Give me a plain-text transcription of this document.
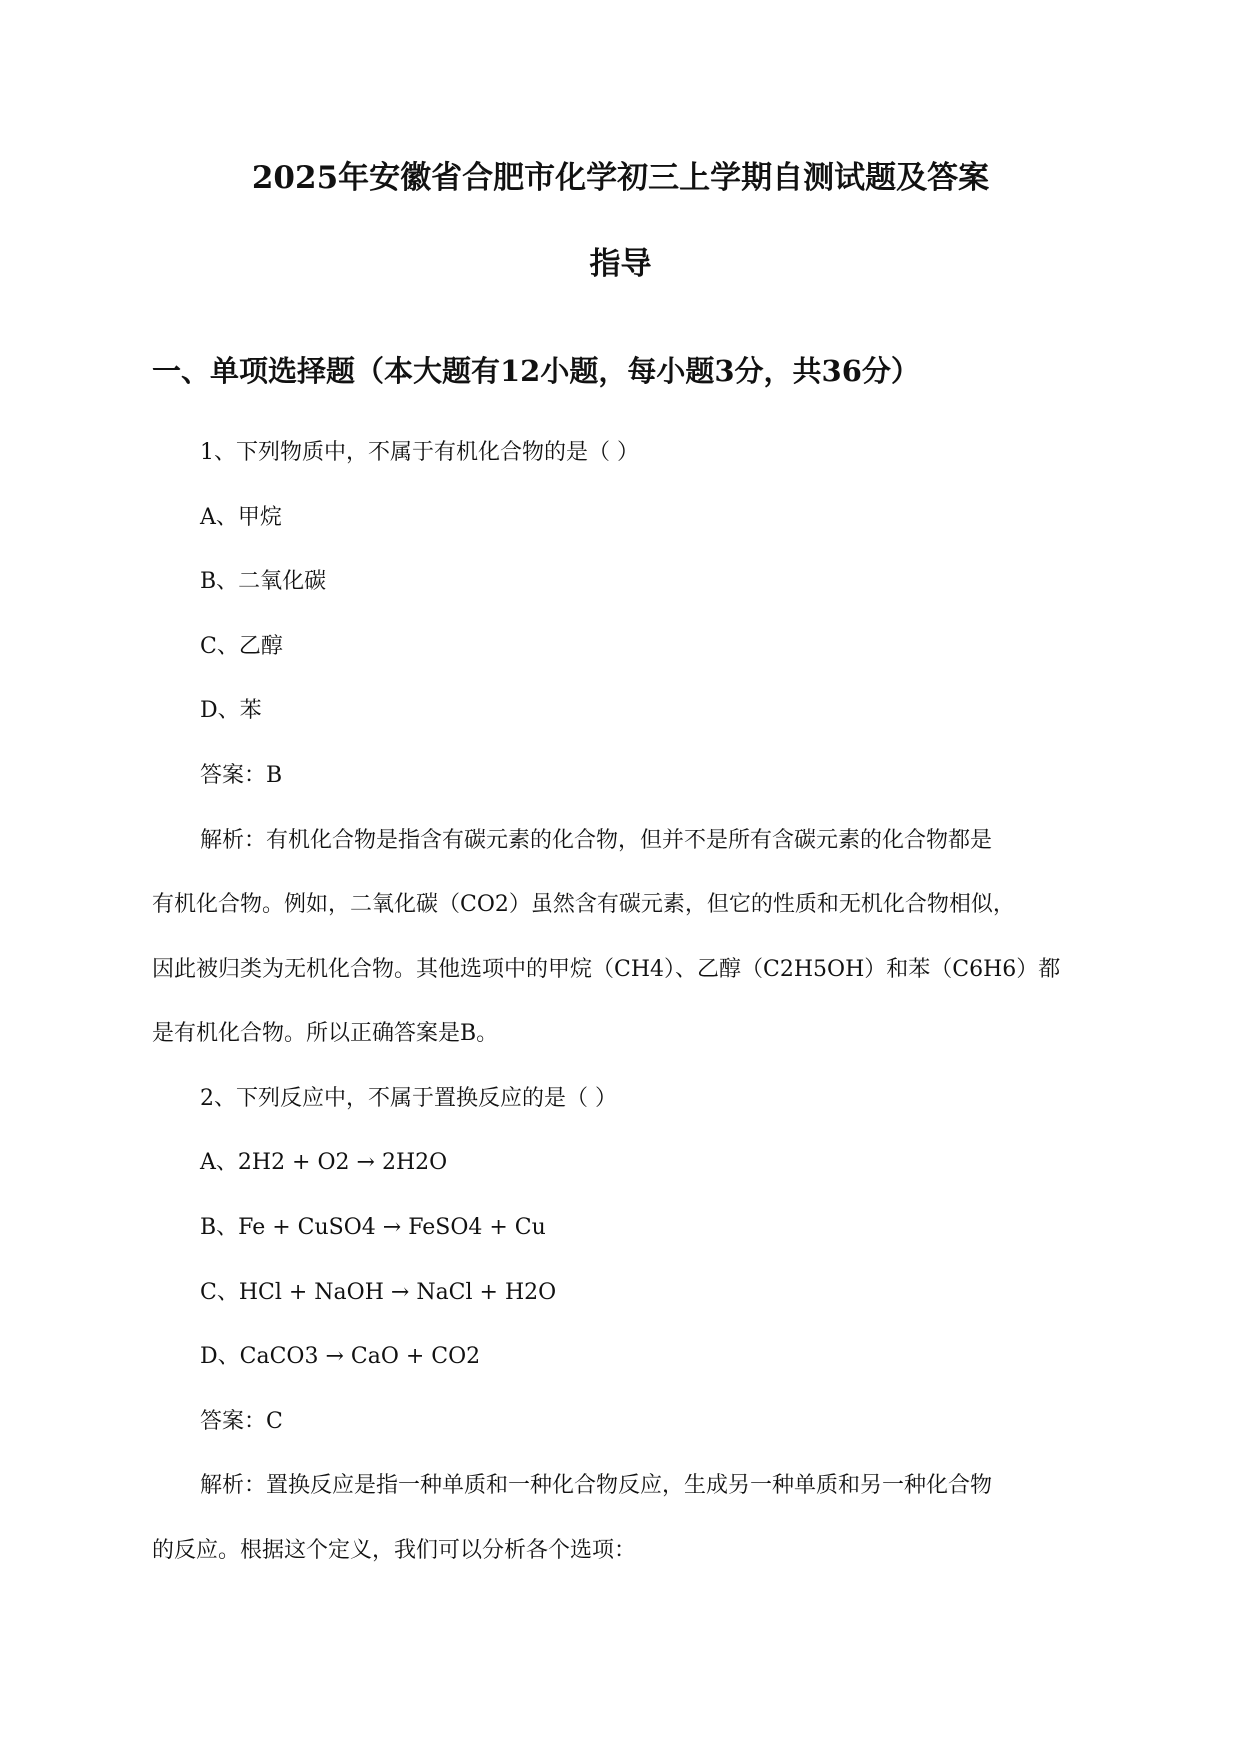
2025年安徽省合肥市化学初三上学期自测试题及答案
指导
一、单项选择题（本大题有12小题，每小题3分，共36分）

1、下列物质中，不属于有机化合物的是（ ）

A、甲烷

B、二氧化碳

C、乙醇

D、苯

答案：B

解析：有机化合物是指含有碳元素的化合物，但并不是所有含碳元素的化合物都是

有机化合物。例如，二氧化碳（CO2）虽然含有碳元素，但它的性质和无机化合物相似，

因此被归类为无机化合物。其他选项中的甲烷（CH4）、乙醇（C2H5OH）和苯（C6H6）都

是有机化合物。所以正确答案是B。

2、下列反应中，不属于置换反应的是（ ）

A、2H2 + O2 → 2H2O

B、Fe + CuSO4 → FeSO4 + Cu

C、HCl + NaOH → NaCl + H2O

D、CaCO3 → CaO + CO2

答案：C

解析：置换反应是指一种单质和一种化合物反应，生成另一种单质和另一种化合物

的反应。根据这个定义，我们可以分析各个选项：
